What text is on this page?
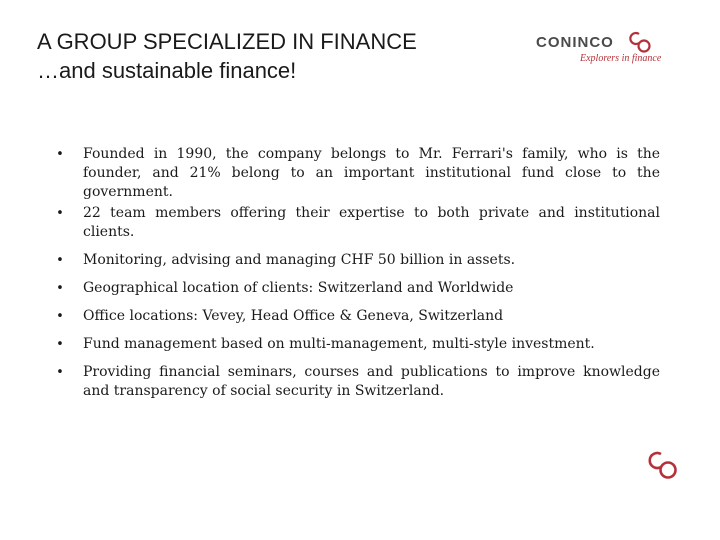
A GROUP SPECIALIZED IN FINANCE
…and sustainable finance!
CONINCO
Explorers in finance
• Founded in 1990, the company belongs to Mr. Ferrari's family, who is the founder, and 21% belong to an important institutional fund close to the government.
• 22 team members offering their expertise to both private and institutional clients.
• Monitoring, advising and managing CHF 50 billion in assets.
• Geographical location of clients: Switzerland and Worldwide
• Office locations: Vevey, Head Office & Geneva, Switzerland
• Fund management based on multi-management, multi-style investment.
• Providing financial seminars, courses and publications to improve knowledge and transparency of social security in Switzerland.
